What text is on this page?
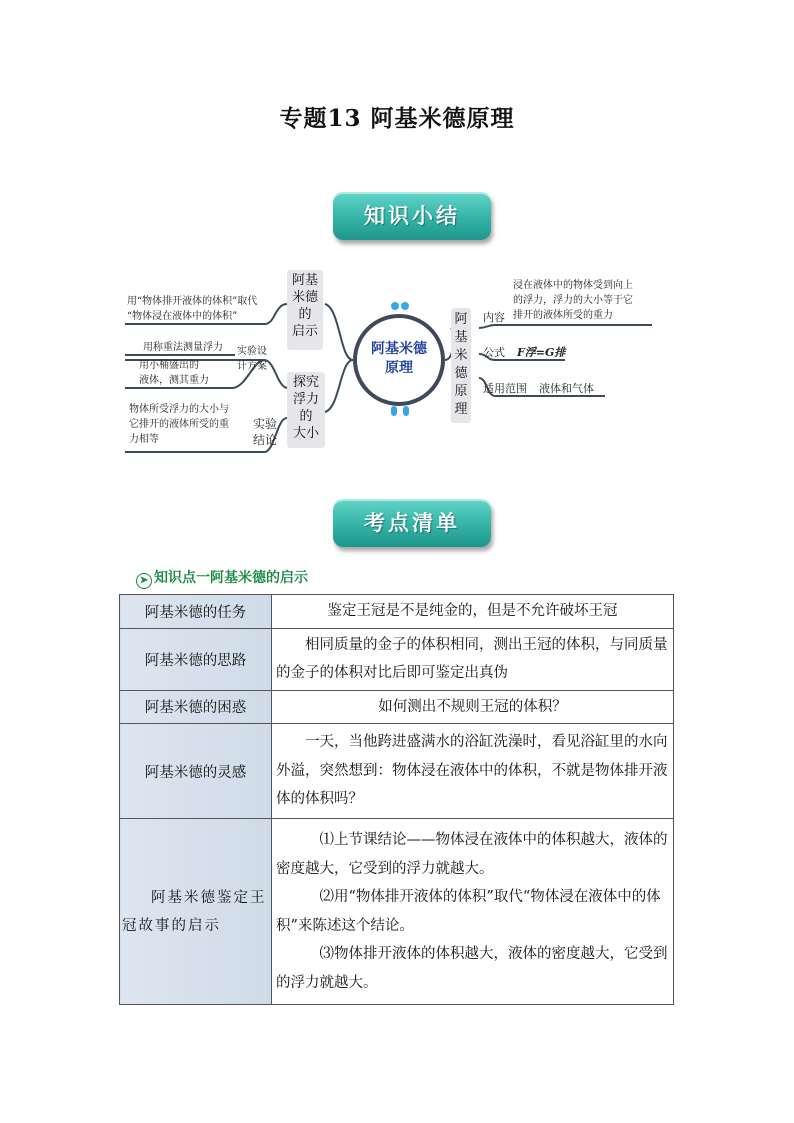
专题13 阿基米德原理
知识小结
阿基
米德
的
启示
用“物体排开液体的体积”取代
“物体浸在液体中的体积”
探究
浮力
的
大小
实验设
计方案
用称重法测量浮力
用小桶盛出的
液体，测其重力
实验
结论
物体所受浮力的大小与
它排开的液体所受的重
力相等
阿基米德
原理
阿
基
米
德
原
理
内容
浸在液体中的物体受到向上
的浮力，浮力的大小等于它
排开的液体所受的重力
公式 F浮=G排
适用范围 液体和气体
考点清单
➤ 知识点一阿基米德的启示
阿基米德的任务	鉴定王冠是不是纯金的，但是不允许破坏王冠
阿基米德的思路	相同质量的金子的体积相同，测出王冠的体积，与同质量的金子的体积对比后即可鉴定出真伪
阿基米德的困惑	如何测出不规则王冠的体积？
阿基米德的灵感	一天，当他跨进盛满水的浴缸洗澡时，看见浴缸里的水向外溢，突然想到：物体浸在液体中的体积，不就是物体排开液体的体积吗？
阿基米德鉴定王冠故事的启示	⑴上节课结论——物体浸在液体中的体积越大，液体的密度越大，它受到的浮力就越大。
⑵用“物体排开液体的体积”取代“物体浸在液体中的体积”来陈述这个结论。
⑶物体排开液体的体积越大，液体的密度越大，它受到的浮力就越大。
